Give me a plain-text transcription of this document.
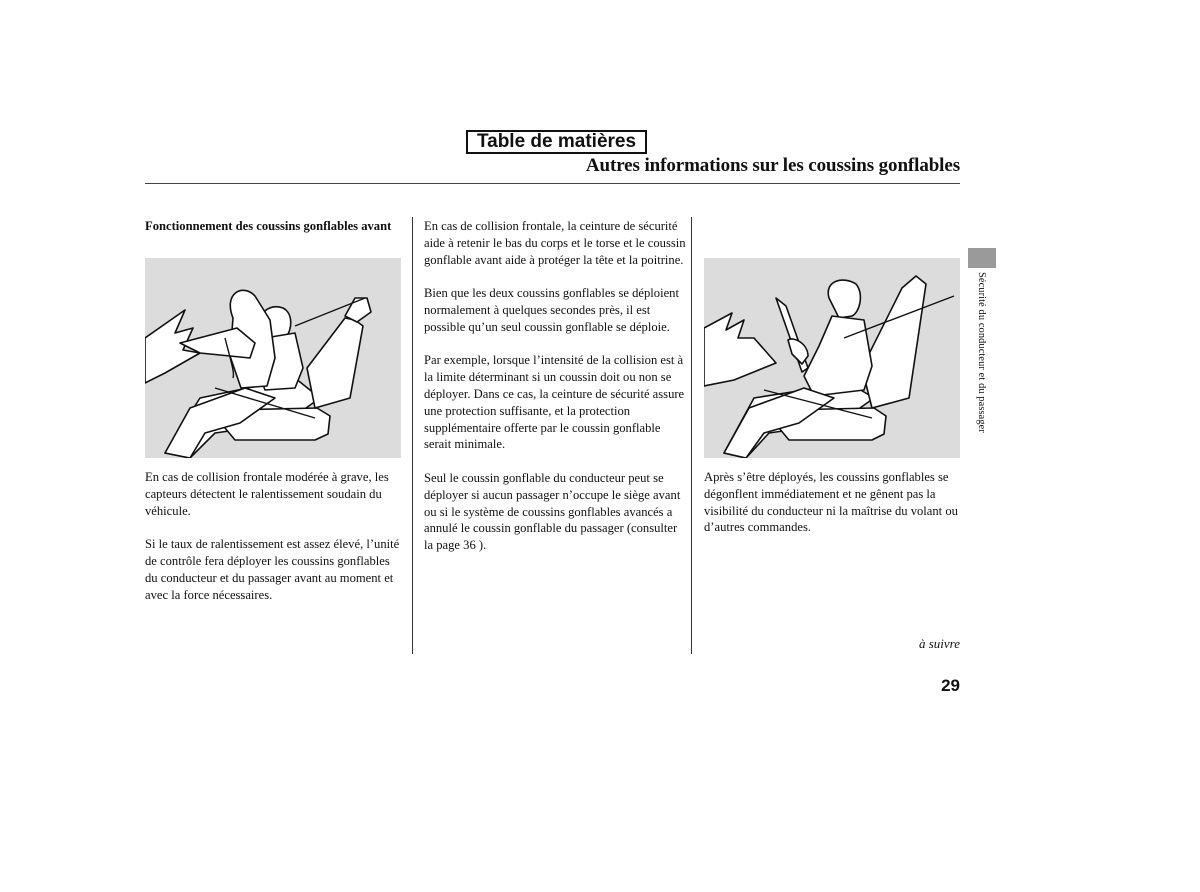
Table de matières
Autres informations sur les coussins gonflables
Fonctionnement des coussins gonflables avant	En cas de collision frontale, la ceinture de sécurité aide à retenir le bas du corps et le torse et le coussin gonflable avant aide à protéger la tête et la poitrine.

Bien que les deux coussins gonflables se déploient normalement à quelques secondes près, il est possible qu’un seul coussin gonflable se déploie.

Par exemple, lorsque l’intensité de la collision est à la limite déterminant si un coussin doit ou non se déployer. Dans ce cas, la ceinture de sécurité assure une protection suffisante, et la protection supplémentaire offerte par le coussin gonflable serait minimale.

Seul le coussin gonflable du conducteur peut se déployer si aucun passager n’occupe le siège avant ou si le système de coussins gonflables avancés a annulé le coussin gonflable du passager (consulter la page 36 ).

En cas de collision frontale modérée à grave, les capteurs détectent le ralentissement soudain du véhicule.

Si le taux de ralentissement est assez élevé, l’unité de contrôle fera déployer les coussins gonflables du conducteur et du passager avant au moment et avec la force nécessaires.

Après s’être déployés, les coussins gonflables se dégonflent immédiatement et ne gênent pas la visibilité du conducteur ni la maîtrise du volant ou d’autres commandes.

Sécurité du conducteur et du passager
à suivre
29
